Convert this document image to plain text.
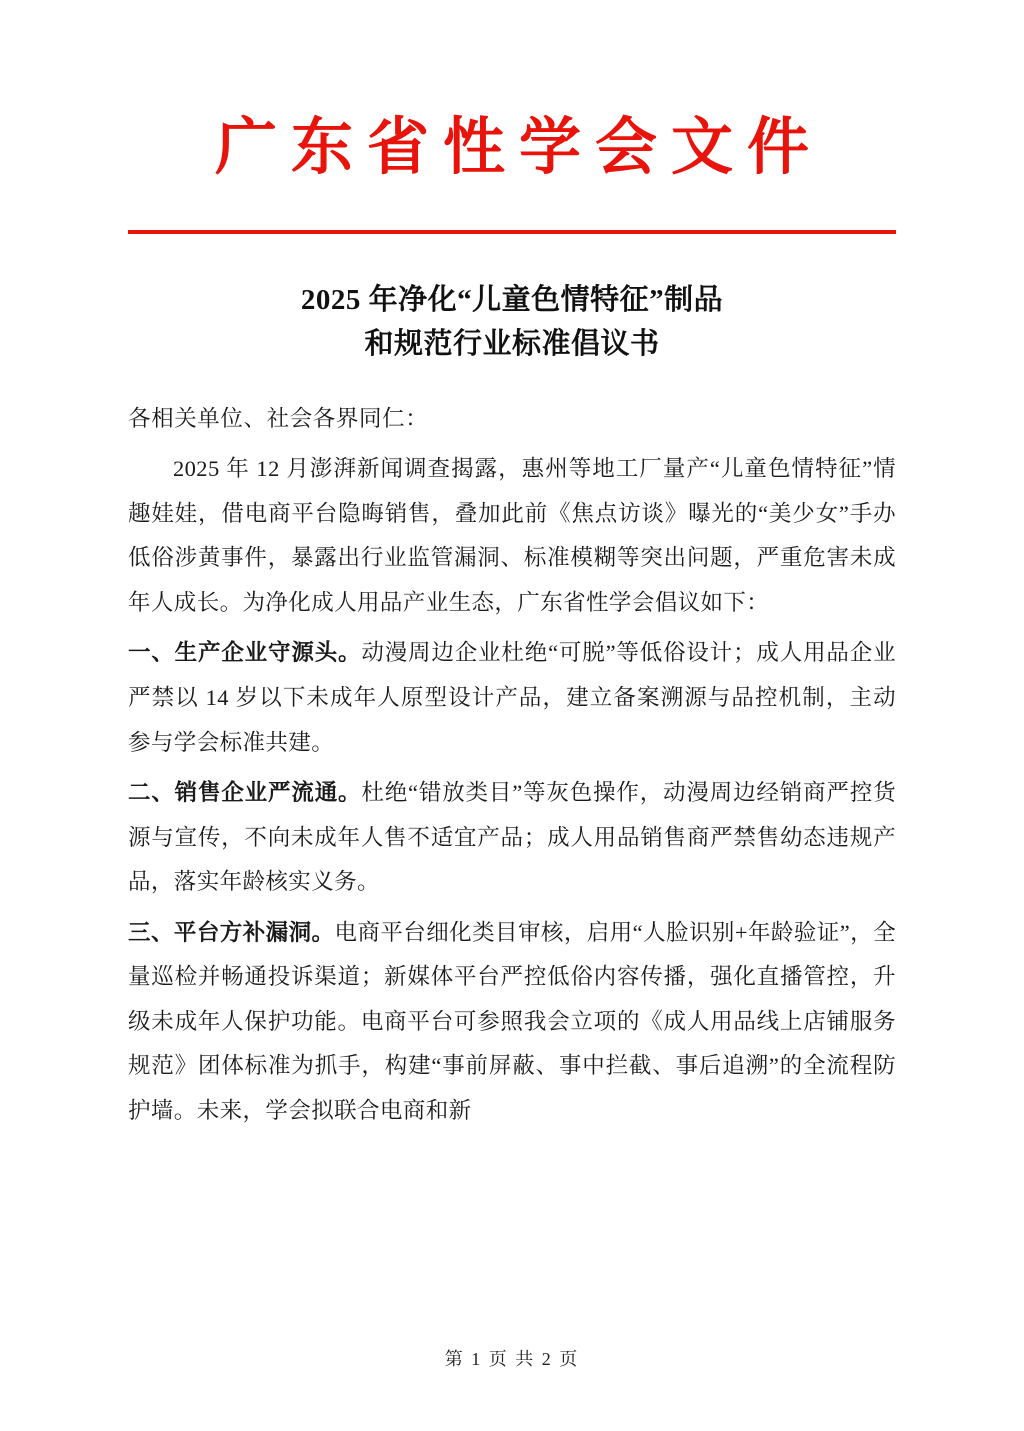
广东省性学会文件
2025 年净化“儿童色情特征”制品
和规范行业标准倡议书
各相关单位、社会各界同仁：

2025 年 12 月澎湃新闻调查揭露，惠州等地工厂量产“儿童色情特征”情趣娃娃，借电商平台隐晦销售，叠加此前《焦点访谈》曝光的“美少女”手办低俗涉黄事件，暴露出行业监管漏洞、标准模糊等突出问题，严重危害未成年人成长。为净化成人用品产业生态，广东省性学会倡议如下：

一、生产企业守源头。动漫周边企业杜绝“可脱”等低俗设计；成人用品企业严禁以 14 岁以下未成年人原型设计产品，建立备案溯源与品控机制，主动参与学会标准共建。

二、销售企业严流通。杜绝“错放类目”等灰色操作，动漫周边经销商严控货源与宣传，不向未成年人售不适宜产品；成人用品销售商严禁售幼态违规产品，落实年龄核实义务。

三、平台方补漏洞。电商平台细化类目审核，启用“人脸识别+年龄验证”，全量巡检并畅通投诉渠道；新媒体平台严控低俗内容传播，强化直播管控，升级未成年人保护功能。电商平台可参照我会立项的《成人用品线上店铺服务规范》团体标准为抓手，构建“事前屏蔽、事中拦截、事后追溯”的全流程防护墙。未来，学会拟联合电商和新

第 1 页 共 2 页
